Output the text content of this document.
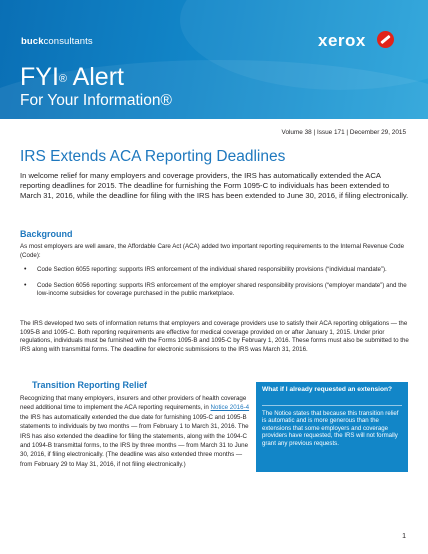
buckconsultants	xerox
FYI® Alert
For Your Information®
Volume 38 | Issue 171 | December 29, 2015
IRS Extends ACA Reporting Deadlines
In welcome relief for many employers and coverage providers, the IRS has automatically extended the ACA reporting deadlines for 2015. The deadline for furnishing the Form 1095-C to individuals has been extended to March 31, 2016, while the deadline for filing with the IRS has been extended to June 30, 2016, if filing electronically.
Background
As most employers are well aware, the Affordable Care Act (ACA) added two important reporting requirements to the Internal Revenue Code (Code):
• Code Section 6055 reporting: supports IRS enforcement of the individual shared responsibility provisions (“individual mandate”).
• Code Section 6056 reporting: supports IRS enforcement of the employer shared responsibility provisions (“employer mandate”) and the low-income subsidies for coverage purchased in the public marketplace.
The IRS developed two sets of information returns that employers and coverage providers use to satisfy their ACA reporting obligations — the 1095-B and 1095-C. Both reporting requirements are effective for medical coverage provided on or after January 1, 2015. Under prior regulations, individuals must be furnished with the Forms 1095-B and 1095-C by February 1, 2016. These forms must also be submitted to the IRS along with transmittal forms. The deadline for electronic submissions to the IRS was March 31, 2016.
Transition Reporting Relief
Recognizing that many employers, insurers and other providers of health coverage need additional time to implement the ACA reporting requirements, in Notice 2016-4 the IRS has automatically extended the due date for furnishing 1095-C and 1095-B statements to individuals by two months — from February 1 to March 31, 2016. The IRS has also extended the deadline for filing the statements, along with the 1094-C and 1094-B transmittal forms, to the IRS by three months — from March 31 to June 30, 2016, if filing electronically. (The deadline was also extended three months — from February 29 to May 31, 2016, if not filing electronically.)
What if I already requested an extension?
The Notice states that because this transition relief is automatic and is more generous than the extensions that some employers and coverage providers have requested, the IRS will not formally grant any previous requests.
1
